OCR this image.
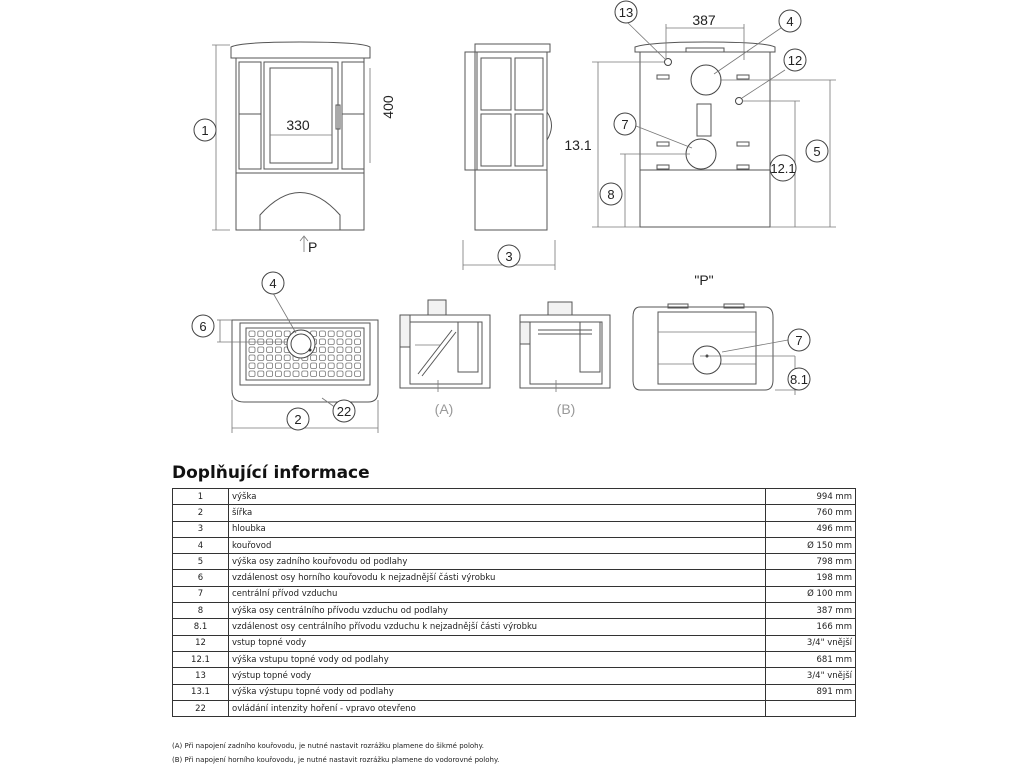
1	330
400
P
3
13	387	4
12
7
13.1	5
12.1
8
4
6
2
22	(A)	(B)
"P"
7
8.1
Doplňující informace
1	výška	994 mm
2	šířka	760 mm
3	hloubka	496 mm
4	kouřovod	Ø 150 mm
5	výška osy zadního kouřovodu od podlahy	798 mm
6	vzdálenost osy horního kouřovodu k nejzadnější části výrobku	198 mm
7	centrální přívod vzduchu	Ø 100 mm
8	výška osy centrálního přívodu vzduchu od podlahy	387 mm
8.1	vzdálenost osy centrálního přívodu vzduchu k nejzadnější části výrobku	166 mm
12	vstup topné vody	3/4" vnější
12.1	výška vstupu topné vody od podlahy	681 mm
13	výstup topné vody	3/4" vnější
13.1	výška výstupu topné vody od podlahy	891 mm
22	ovládání intenzity hoření - vpravo otevřeno	
(A) Při napojení zadního kouřovodu, je nutné nastavit rozrážku plamene do šikmé polohy.
(B) Při napojení horního kouřovodu, je nutné nastavit rozrážku plamene do vodorovné polohy.
